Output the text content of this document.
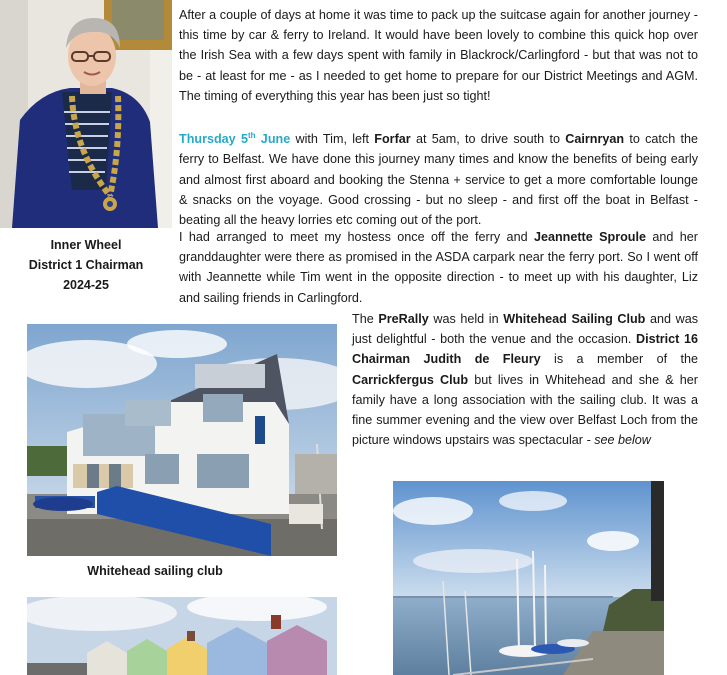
Inner Wheel
District 1 Chairman
2024-25

After a couple of days at home it was time to pack up the suitcase again for another journey - this time by car & ferry to Ireland. It would have been lovely to combine this quick hop over the Irish Sea with a few days spent with family in Blackrock/Carlingford - but that was not to be - at least for me - as I needed to get home to prepare for our District Meetings and AGM. The timing of everything this year has been just so tight!

Thursday 5th June with Tim, left Forfar at 5am, to drive south to Cairnryan to catch the ferry to Belfast. We have done this journey many times and know the benefits of being early and almost first aboard and booking the Stenna + service to get a more comfortable lounge & snacks on the voyage. Good crossing - but no sleep - and first off the boat in Belfast - beating all the heavy lorries etc coming out of the port.

I had arranged to meet my hostess once off the ferry and Jeannette Sproule and her granddaughter were there as promised in the ASDA carpark near the ferry port. So I went off with Jeannette while Tim went in the opposite direction - to meet up with his daughter, Liz and sailing friends in Carlingford.

The PreRally was held in Whitehead Sailing Club and was just delightful - both the venue and the occasion. District 16 Chairman Judith de Fleury is a member of the Carrickfergus Club but lives in Whitehead and she & her family have a long association with the sailing club. It was a fine summer evening and the view over Belfast Loch from the picture windows upstairs was spectacular - see below

Whitehead sailing club
